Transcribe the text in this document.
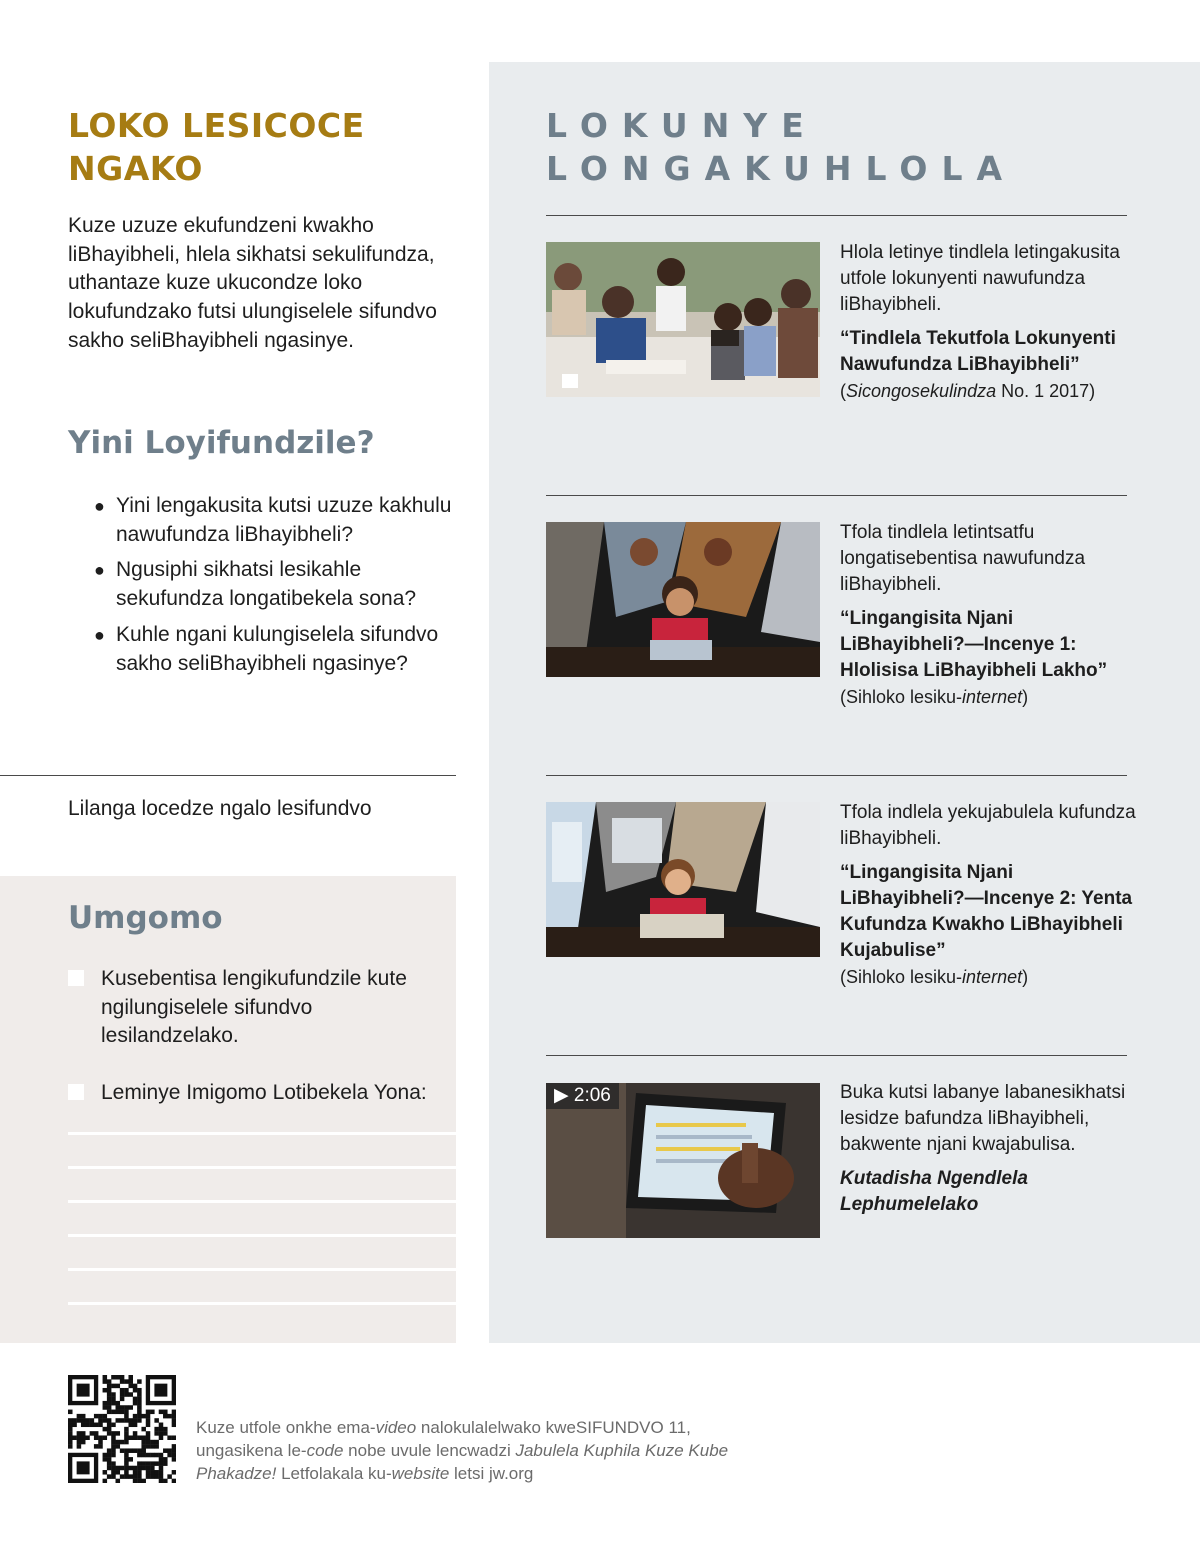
LOKO LESICOCE
NGAKO

Kuze uzuze ekufundzeni kwakho liBhayibheli, hlela sikhatsi sekulifundza, uthantaze kuze ukucondze loko lokufundzako futsi ulungiselele sifundvo sakho seliBhayibheli ngasinye.

Yini Loyifundzile?
● Yini lengakusita kutsi uzuze kakhulu nawufundza liBhayibheli?
● Ngusiphi sikhatsi lesikahle sekufundza longatibekela sona?
● Kuhle ngani kulungiselela sifundvo sakho seliBhayibheli ngasinye?

Lilanga locedze ngalo lesifundvo

Umgomo
Kusebentisa lengikufundzile kute ngilungiselele sifundvo lesilandzelako.
Leminye Imigomo Lotibekela Yona:
LOKUNYE
LONGAKUHLOLA

Hlola letinye tindlela letingakusita utfole lokunyenti nawufundza liBhayibheli.

“Tindlela Tekutfola Lokunyenti Nawufundza LiBhayibheli”

(Sicongosekulindza No. 1 2017)

Tfola tindlela letintsatfu longatisebentisa nawufundza liBhayibheli.

“Lingangisita Njani LiBhayibheli?—Incenye 1: Hlolisisa LiBhayibheli Lakho”

(Sihloko lesiku-internet)

Tfola indlela yekujabulela kufundza liBhayibheli.

“Lingangisita Njani LiBhayibheli?—Incenye 2: Yenta Kufundza Kwakho LiBhayibheli Kujabulise”

(Sihloko lesiku-internet)

▶ 2:06	Buka kutsi labanye labanesikhatsi lesidze bafundza liBhayibheli, bakwente njani kwajabulisa.

Kutadisha Ngendlela Lephumelelako

Kuze utfole onkhe ema-video nalokulalelwako kweSIFUNDVO 11, ungasikena le-code nobe uvule lencwadzi Jabulela Kuphila Kuze Kube Phakadze! Letfolakala ku-website letsi jw.org
